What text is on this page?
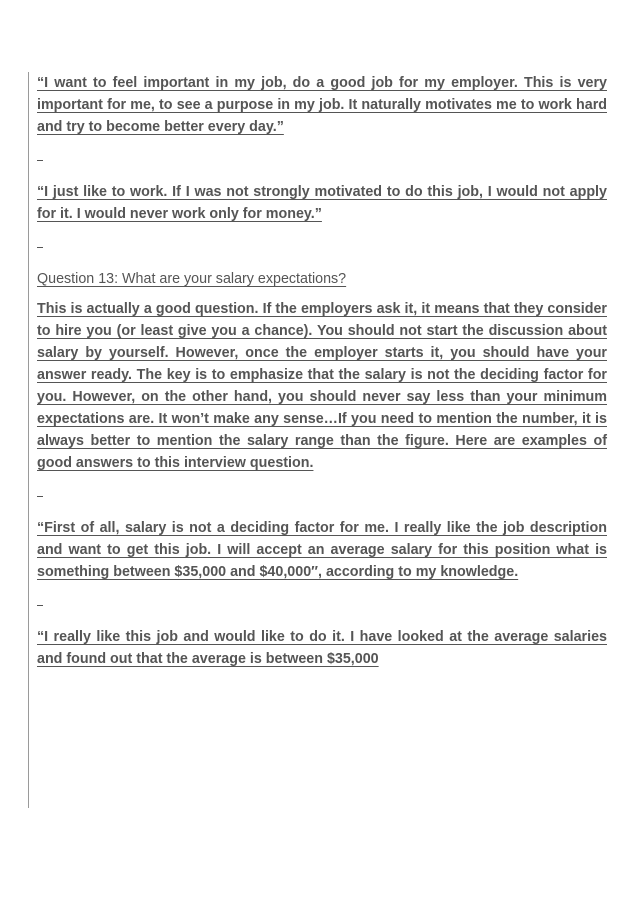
“I want to feel important in my job, do a good job for my employer. This is very important for me, to see a purpose in my job. It naturally motivates me to work hard and try to become better every day.”

“I just like to work. If I was not strongly motivated to do this job, I would not apply for it. I would never work only for money.”

Question 13: What are your salary expectations?

This is actually a good question. If the employers ask it, it means that they consider to hire you (or least give you a chance). You should not start the discussion about salary by yourself. However, once the employer starts it, you should have your answer ready. The key is to emphasize that the salary is not the deciding factor for you. However, on the other hand, you should never say less than your minimum expectations are. It won’t make any sense…If you need to mention the number, it is always better to mention the salary range than the figure. Here are examples of good answers to this interview question.

“First of all, salary is not a deciding factor for me. I really like the job description and want to get this job. I will accept an average salary for this position what is something between $35,000 and $40,000″, according to my knowledge.

“I really like this job and would like to do it. I have looked at the average salaries and found out that the average is between $35,000
